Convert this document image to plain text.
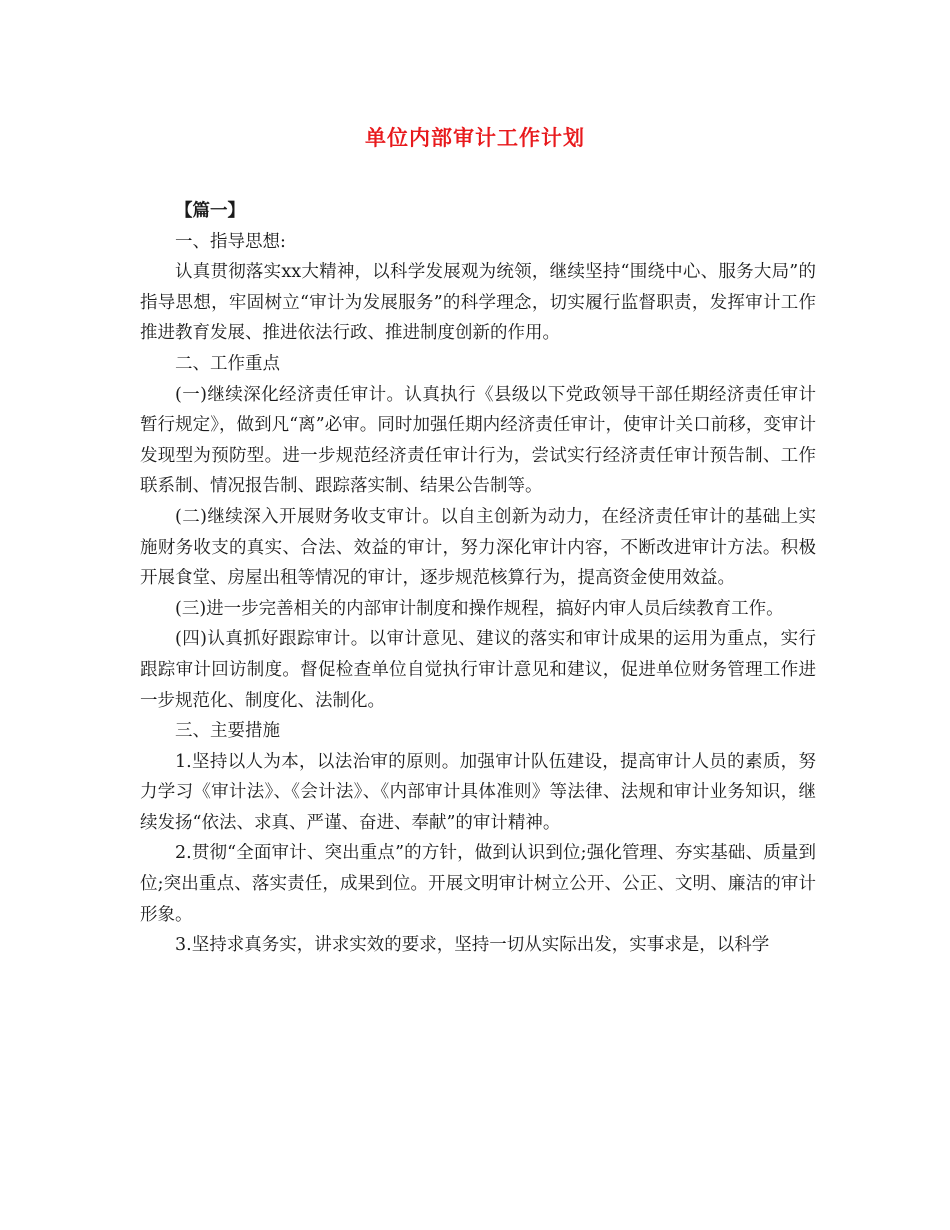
单位内部审计工作计划

【篇一】

一、指导思想:

认真贯彻落实xx大精神，以科学发展观为统领，继续坚持“围绕中心、服务大局”的指导思想，牢固树立“审计为发展服务”的科学理念，切实履行监督职责，发挥审计工作推进教育发展、推进依法行政、推进制度创新的作用。

二、工作重点

(一)继续深化经济责任审计。认真执行《县级以下党政领导干部任期经济责任审计暂行规定》，做到凡“离”必审。同时加强任期内经济责任审计，使审计关口前移，变审计发现型为预防型。进一步规范经济责任审计行为，尝试实行经济责任审计预告制、工作联系制、情况报告制、跟踪落实制、结果公告制等。

(二)继续深入开展财务收支审计。以自主创新为动力，在经济责任审计的基础上实施财务收支的真实、合法、效益的审计，努力深化审计内容，不断改进审计方法。积极开展食堂、房屋出租等情况的审计，逐步规范核算行为，提高资金使用效益。

(三)进一步完善相关的内部审计制度和操作规程，搞好内审人员后续教育工作。

(四)认真抓好跟踪审计。以审计意见、建议的落实和审计成果的运用为重点，实行跟踪审计回访制度。督促检查单位自觉执行审计意见和建议，促进单位财务管理工作进一步规范化、制度化、法制化。

三、主要措施

1.坚持以人为本，以法治审的原则。加强审计队伍建设，提高审计人员的素质，努力学习《审计法》、《会计法》、《内部审计具体准则》等法律、法规和审计业务知识，继续发扬“依法、求真、严谨、奋进、奉献”的审计精神。

2.贯彻“全面审计、突出重点”的方针，做到认识到位;强化管理、夯实基础、质量到位;突出重点、落实责任，成果到位。开展文明审计树立公开、公正、文明、廉洁的审计形象。

3.坚持求真务实，讲求实效的要求，坚持一切从实际出发，实事求是，以科学
